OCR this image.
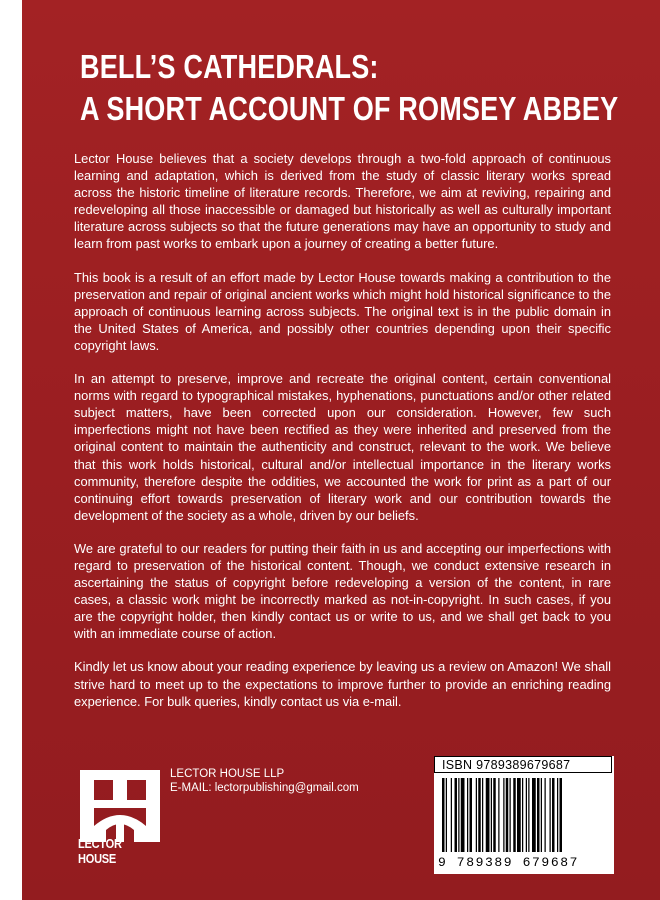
BELL’S CATHEDRALS:
A SHORT ACCOUNT OF ROMSEY ABBEY

Lector House believes that a society develops through a two-fold approach of continuous learning and adaptation, which is derived from the study of classic literary works spread across the historic timeline of literature records. Therefore, we aim at reviving, repairing and redeveloping all those inaccessible or damaged but historically as well as culturally important literature across subjects so that the future generations may have an opportunity to study and learn from past works to embark upon a journey of creating a better future.

This book is a result of an effort made by Lector House towards making a contribution to the preservation and repair of original ancient works which might hold historical significance to the approach of continuous learning across subjects. The original text is in the public domain in the United States of America, and possibly other countries depending upon their specific copyright laws.

In an attempt to preserve, improve and recreate the original content, certain conventional norms with regard to typographical mistakes, hyphenations, punctuations and/or other related subject matters, have been corrected upon our consideration. However, few such imperfections might not have been rectified as they were inherited and preserved from the original content to maintain the authenticity and construct, relevant to the work. We believe that this work holds historical, cultural and/or intellectual importance in the literary works community, therefore despite the oddities, we accounted the work for print as a part of our continuing effort towards preservation of literary work and our contribution towards the development of the society as a whole, driven by our beliefs.

We are grateful to our readers for putting their faith in us and accepting our imperfections with regard to preservation of the historical content. Though, we conduct extensive research in ascertaining the status of copyright before redeveloping a version of the content, in rare cases, a classic work might be incorrectly marked as not-in-copyright. In such cases, if you are the copyright holder, then kindly contact us or write to us, and we shall get back to you with an immediate course of action.

Kindly let us know about your reading experience by leaving us a review on Amazon! We shall strive hard to meet up to the expectations to improve further to provide an enriching reading experience. For bulk queries, kindly contact us via e-mail.

LECTOR HOUSE
LECTOR HOUSE LLP
E-MAIL: lectorpublishing@gmail.com
ISBN 9789389679687
9 789389 679687
